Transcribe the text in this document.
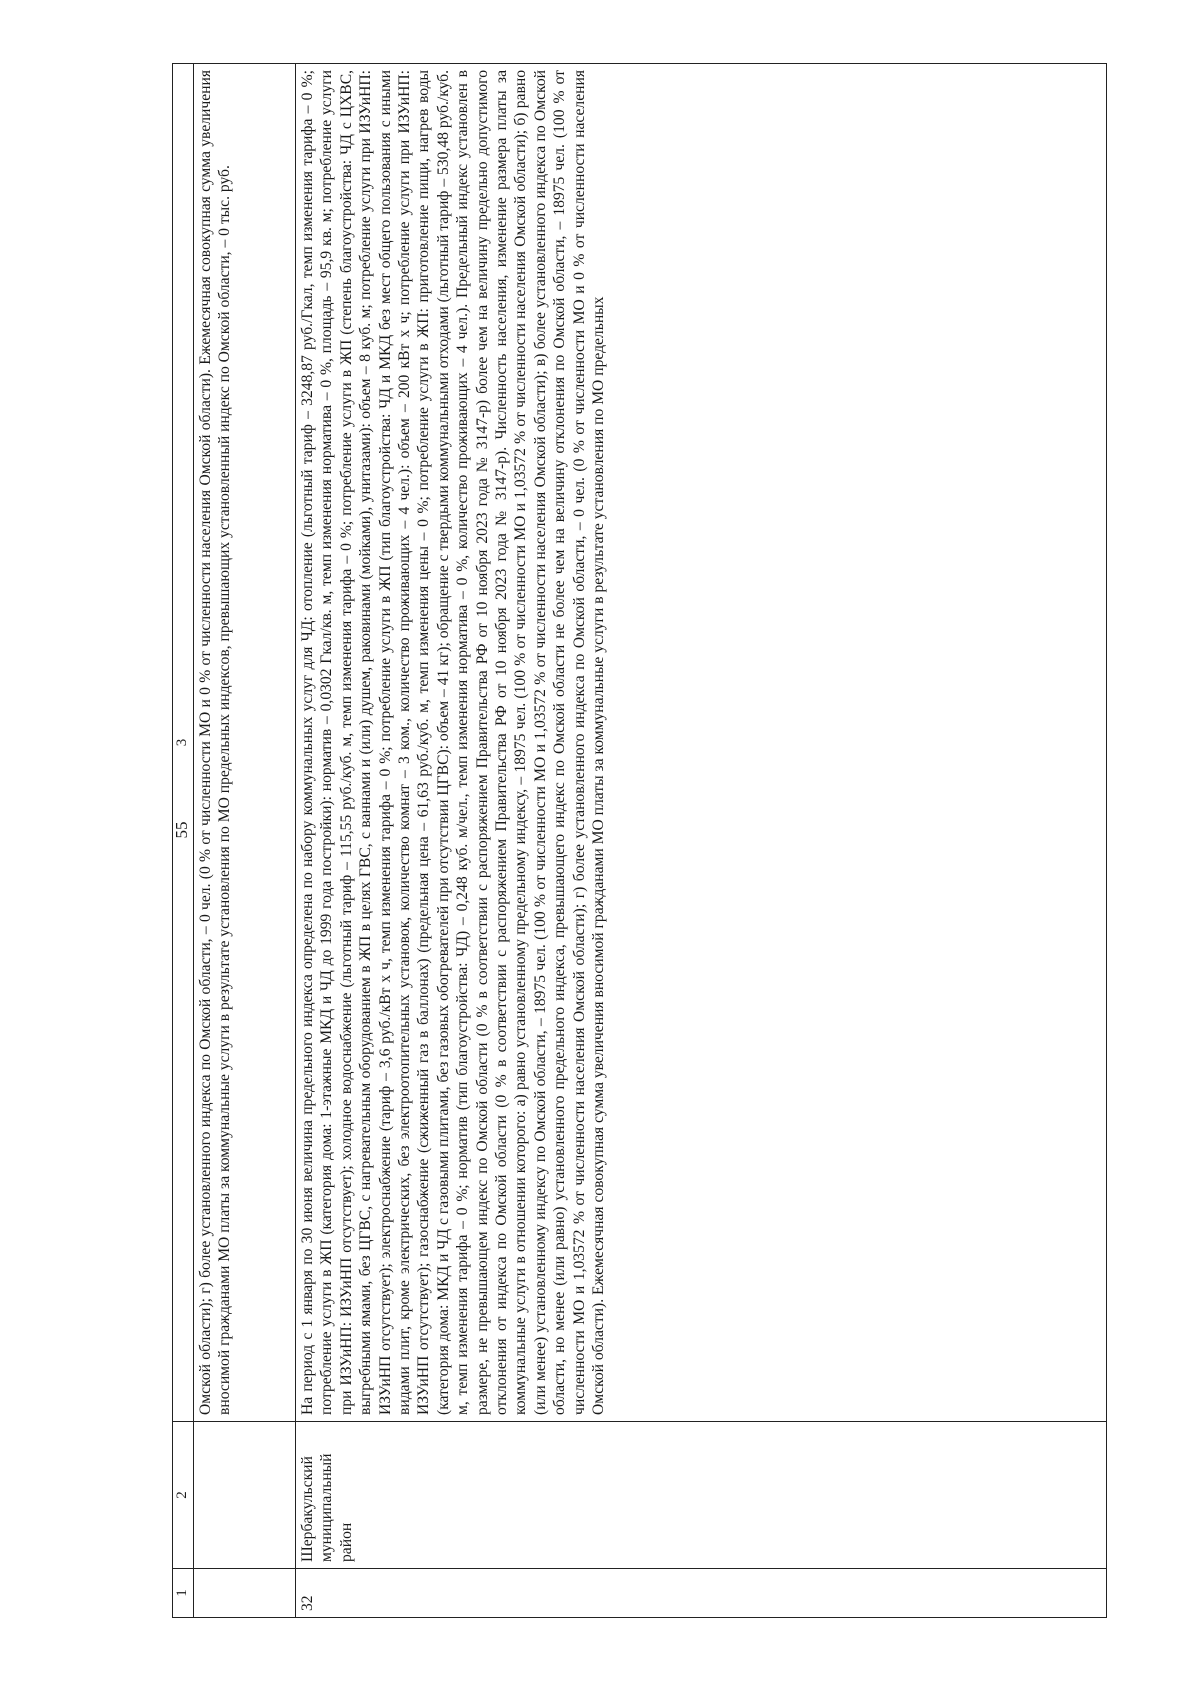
55
1	2	3
		Омской области); г) более установленного индекса по Омской области, – 0 чел. (0 % от численности МО и 0 % от численности населения Омской области). Ежемесячная совокупная сумма увеличения вносимой гражданами МО платы за коммунальные услуги в результате установления по МО предельных индексов, превышающих установленный индекс по Омской области, – 0 тыс. руб.
32	Шербакульский муниципальный район	На период с 1 января по 30 июня величина предельного индекса определена по набору коммунальных услуг для ЧД: отопление (льготный тариф – 3248,87 руб./Гкал, темп изменения тарифа – 0 %; потребление услуги в ЖП (категория дома: 1-этажные МКД и ЧД до 1999 года постройки): норматив – 0,0302 Гкал/кв. м, темп изменения норматива – 0 %, площадь – 95,9 кв. м; потребление услуги при ИЗУиНП: ИЗУиНП отсутствует); холодное водоснабжение (льготный тариф – 115,55 руб./куб. м, темп изменения тарифа – 0 %; потребление услуги в ЖП (степень благоустройства: ЧД с ЦХВС, выгребными ямами, без ЦГВС, с нагревательным оборудованием в ЖП в целях ГВС, с ваннами и (или) душем, раковинами (мойками), унитазами): объем – 8 куб. м; потребление услуги при ИЗУиНП: ИЗУиНП отсутствует); электроснабжение (тариф – 3,6 руб./кВт х ч, темп изменения тарифа – 0 %; потребление услуги в ЖП (тип благоустройства: ЧД и МКД без мест общего пользования с иными видами плит, кроме электрических, без электроотопительных установок, количество комнат – 3 ком., количество проживающих – 4 чел.): объем – 200 кВт х ч; потребление услуги при ИЗУиНП: ИЗУиНП отсутствует); газоснабжение (сжиженный газ в баллонах) (предельная цена – 61,63 руб./куб. м, темп изменения цены – 0 %; потребление услуги в ЖП: приготовление пищи, нагрев воды (категория дома: МКД и ЧД с газовыми плитами, без газовых обогревателей при отсутствии ЦГВС): объем – 41 кг); обращение с твердыми коммунальными отходами (льготный тариф – 530,48 руб./куб. м, темп изменения тарифа – 0 %; норматив (тип благоустройства: ЧД) – 0,248 куб. м/чел., темп изменения норматива – 0 %, количество проживающих – 4 чел.). Предельный индекс установлен в размере, не превышающем индекс по Омской области (0 % в соответствии с распоряжением Правительства РФ от 10 ноября 2023 года № 3147-р) более чем на величину предельно допустимого отклонения от индекса по Омской области (0 % в соответствии с распоряжением Правительства РФ от 10 ноября 2023 года № 3147-р). Численность населения, изменение размера платы за коммунальные услуги в отношении которого: а) равно установленному предельному индексу, – 18975 чел. (100 % от численности МО и 1,03572 % от численности населения Омской области); б) равно (или менее) установленному индексу по Омской области, – 18975 чел. (100 % от численности МО и 1,03572 % от численности населения Омской области); в) более установленного индекса по Омской области, но менее (или равно) установленного предельного индекса, превышающего индекс по Омской области не более чем на величину отклонения по Омской области, – 18975 чел. (100 % от численности МО и 1,03572 % от численности населения Омской области); г) более установленного индекса по Омской области, – 0 чел. (0 % от численности МО и 0 % от численности населения Омской области). Ежемесячная совокупная сумма увеличения вносимой гражданами МО платы за коммунальные услуги в результате установления по МО предельных
